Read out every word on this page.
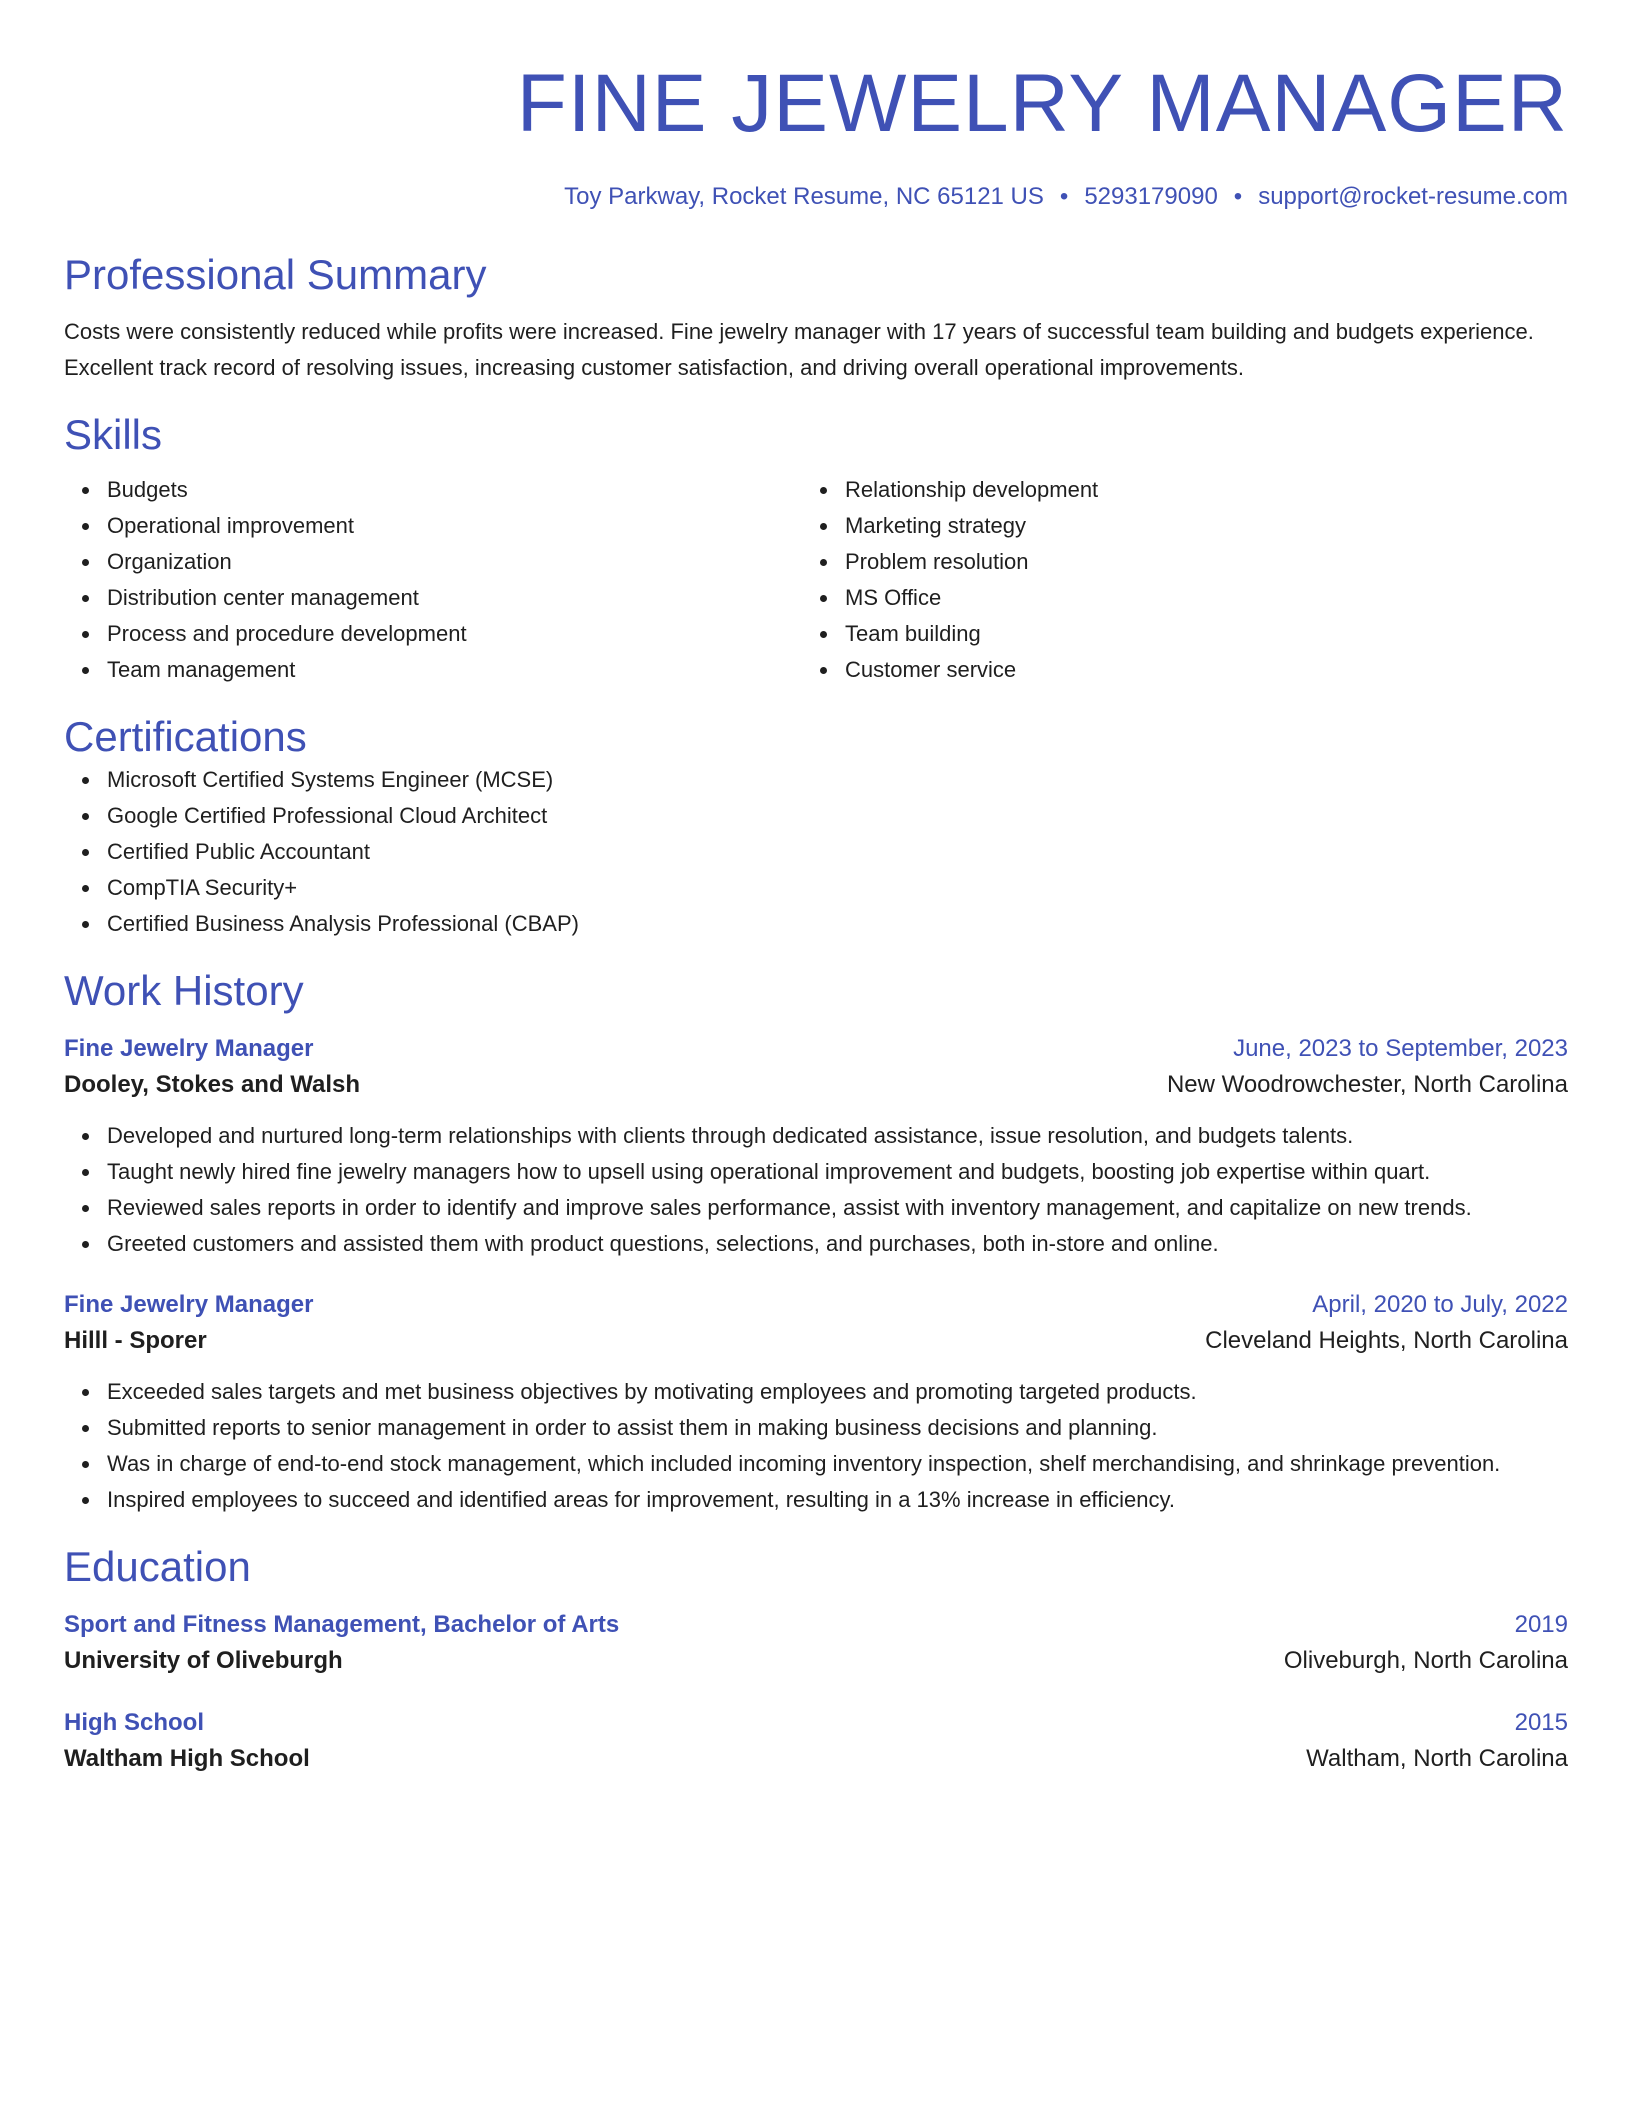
FINE JEWELRY MANAGER
Toy Parkway, Rocket Resume, NC 65121 US • 5293179090 • support@rocket-resume.com
Professional Summary
Costs were consistently reduced while profits were increased. Fine jewelry manager with 17 years of successful team building and budgets experience. Excellent track record of resolving issues, increasing customer satisfaction, and driving overall operational improvements.
Skills
Budgets
Operational improvement
Organization
Distribution center management
Process and procedure development
Team management
Relationship development
Marketing strategy
Problem resolution
MS Office
Team building
Customer service
Certifications
Microsoft Certified Systems Engineer (MCSE)
Google Certified Professional Cloud Architect
Certified Public Accountant
CompTIA Security+
Certified Business Analysis Professional (CBAP)
Work History
Fine Jewelry Manager	June, 2023 to September, 2023
Dooley, Stokes and Walsh	New Woodrowchester, North Carolina
Developed and nurtured long-term relationships with clients through dedicated assistance, issue resolution, and budgets talents.
Taught newly hired fine jewelry managers how to upsell using operational improvement and budgets, boosting job expertise within quart.
Reviewed sales reports in order to identify and improve sales performance, assist with inventory management, and capitalize on new trends.
Greeted customers and assisted them with product questions, selections, and purchases, both in-store and online.
Fine Jewelry Manager	April, 2020 to July, 2022
Hilll - Sporer	Cleveland Heights, North Carolina
Exceeded sales targets and met business objectives by motivating employees and promoting targeted products.
Submitted reports to senior management in order to assist them in making business decisions and planning.
Was in charge of end-to-end stock management, which included incoming inventory inspection, shelf merchandising, and shrinkage prevention.
Inspired employees to succeed and identified areas for improvement, resulting in a 13% increase in efficiency.
Education
Sport and Fitness Management, Bachelor of Arts	2019
University of Oliveburgh	Oliveburgh, North Carolina
High School	2015
Waltham High School	Waltham, North Carolina
